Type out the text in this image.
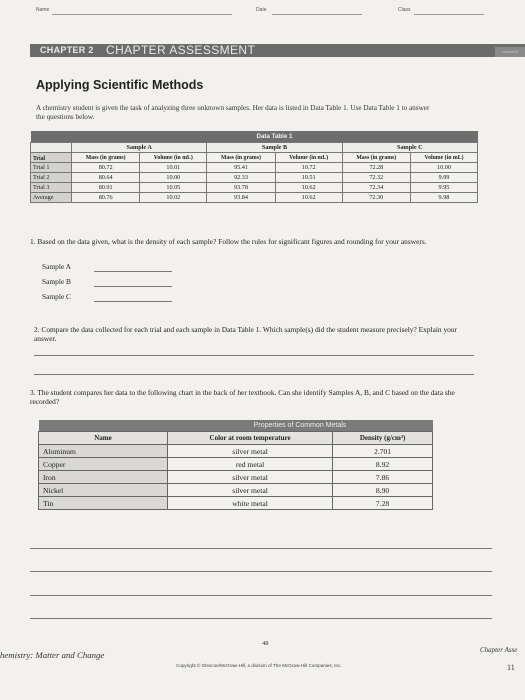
Name	Date	Class
CHAPTER 2 CHAPTER ASSESSMENT	continued
Applying Scientific Methods
A chemistry student is given the task of analyzing three unknown samples. Her data is listed in Data Table 1. Use Data Table 1 to answer the questions below.
	Data Table 1					
	Sample A		Sample B		Sample C	
Trial	Mass (in grams)	Volume (in mL)	Mass (in grams)	Volume (in mL)	Mass (in grams)	Volume (in mL)
Trial 1	80.72	10.01	95.41	10.72	72.28	10.00
Trial 2	80.64	10.00	92.33	10.51	72.32	9.99
Trial 3	80.91	10.05	93.78	10.62	72.34	9.95
Average	80.76	10.02	93.84	10.62	72.30	9.98
1. Based on the data given, what is the density of each sample? Follow the rules for significant figures and rounding for your answers.
Sample A
Sample B
Sample C
2. Compare the data collected for each trial and each sample in Data Table 1. Which sample(s) did the student measure precisely? Explain your answer.
3. The student compares her data to the following chart in the back of her textbook. Can she identify Samples A, B, and C based on the data she recorded?
	Properties of Common Metals	
Name	Color at room temperature	Density (g/cm³)
Aluminum	silver metal	2.701
Copper	red metal	8.92
Iron	silver metal	7.86
Nickel	silver metal	8.90
Tin	white metal	7.28
hemistry: Matter and Change
48
Copyright © Glencoe/McGraw-Hill, a division of The McGraw-Hill Companies, Inc.
Chapter Asse
11
